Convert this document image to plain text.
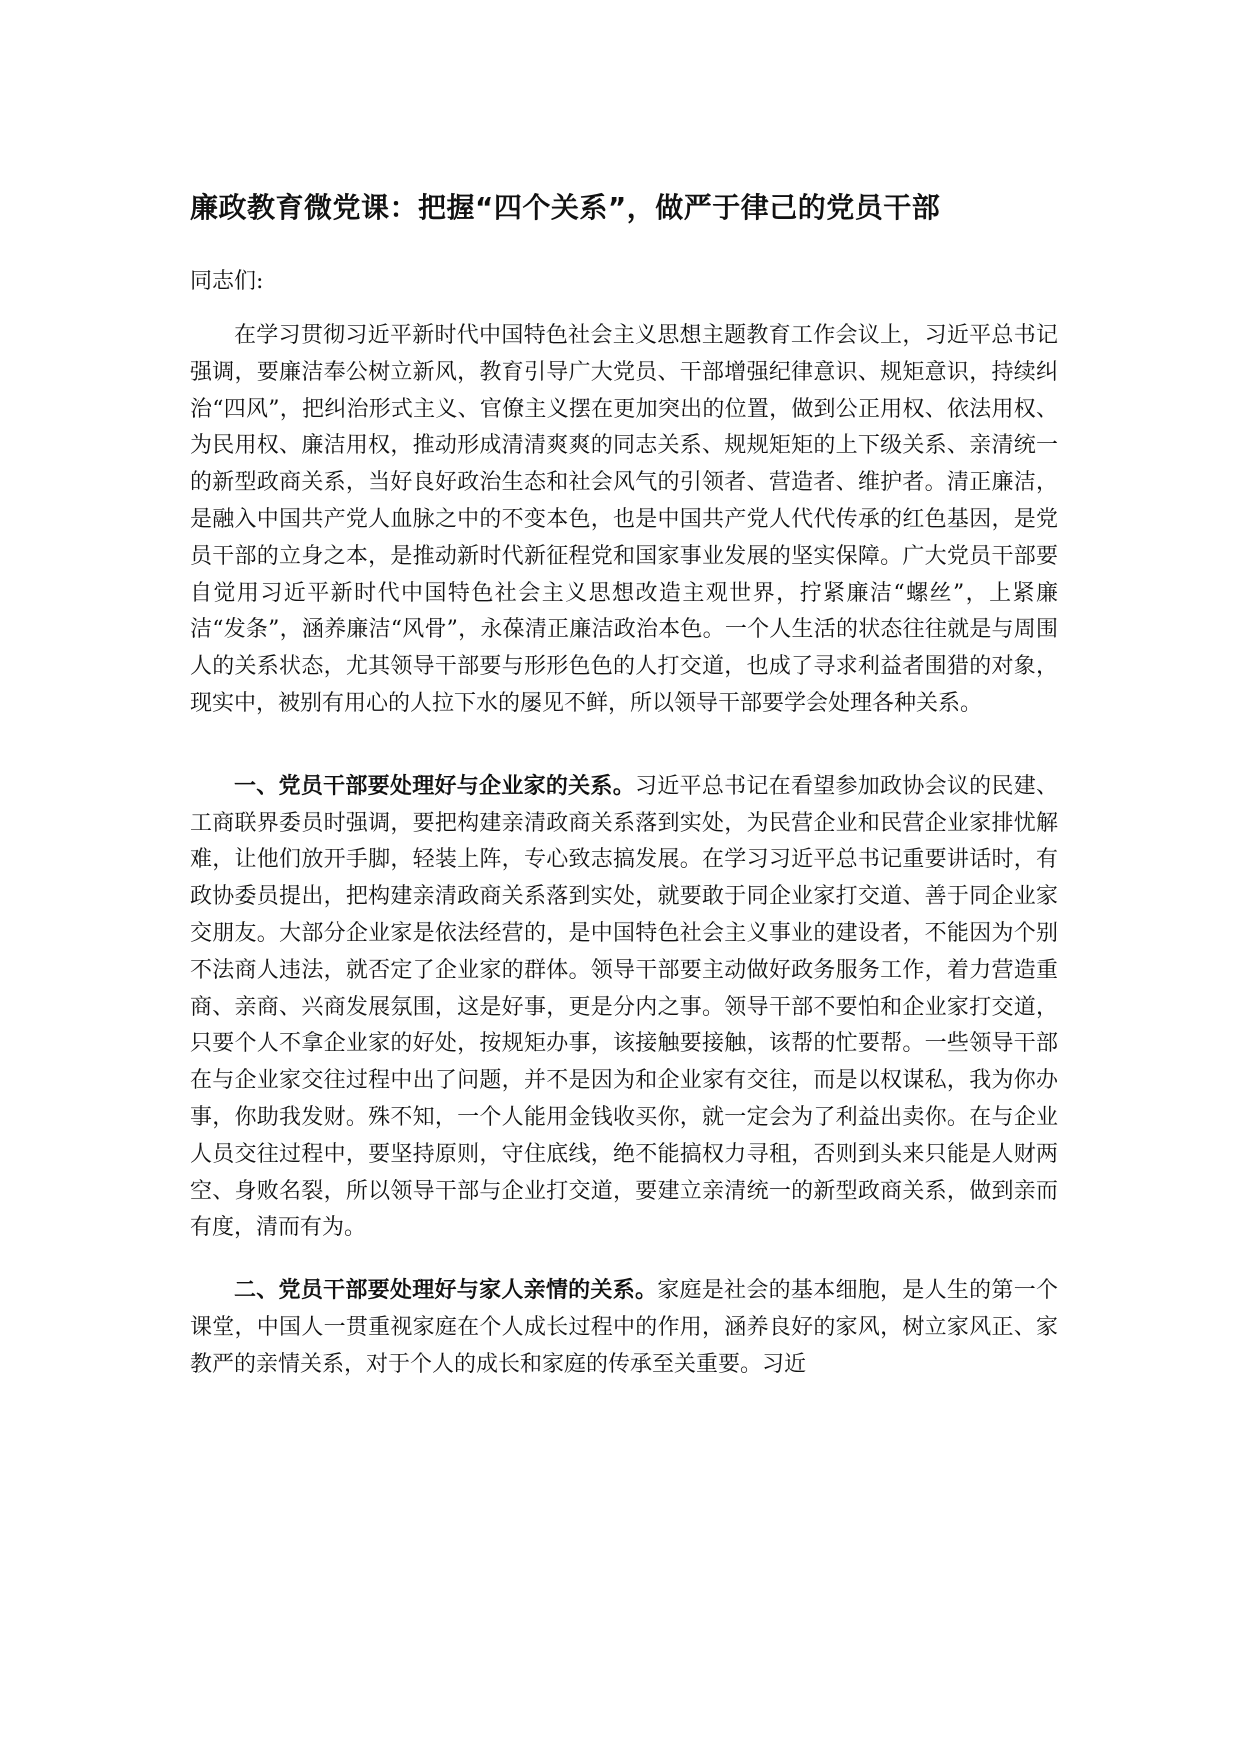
廉政教育微党课：把握“四个关系”，做严于律己的党员干部

同志们:

在学习贯彻习近平新时代中国特色社会主义思想主题教育工作会议上，习近平总书记强调，要廉洁奉公树立新风，教育引导广大党员、干部增强纪律意识、规矩意识，持续纠治“四风”，把纠治形式主义、官僚主义摆在更加突出的位置，做到公正用权、依法用权、为民用权、廉洁用权，推动形成清清爽爽的同志关系、规规矩矩的上下级关系、亲清统一的新型政商关系，当好良好政治生态和社会风气的引领者、营造者、维护者。清正廉洁，是融入中国共产党人血脉之中的不变本色，也是中国共产党人代代传承的红色基因，是党员干部的立身之本，是推动新时代新征程党和国家事业发展的坚实保障。广大党员干部要自觉用习近平新时代中国特色社会主义思想改造主观世界，拧紧廉洁“螺丝”，上紧廉洁“发条”，涵养廉洁“风骨”，永葆清正廉洁政治本色。一个人生活的状态往往就是与周围人的关系状态，尤其领导干部要与形形色色的人打交道，也成了寻求利益者围猎的对象，现实中，被别有用心的人拉下水的屡见不鲜，所以领导干部要学会处理各种关系。

一、党员干部要处理好与企业家的关系。习近平总书记在看望参加政协会议的民建、工商联界委员时强调，要把构建亲清政商关系落到实处，为民营企业和民营企业家排忧解难，让他们放开手脚，轻装上阵，专心致志搞发展。在学习习近平总书记重要讲话时，有政协委员提出，把构建亲清政商关系落到实处，就要敢于同企业家打交道、善于同企业家交朋友。大部分企业家是依法经营的，是中国特色社会主义事业的建设者，不能因为个别不法商人违法，就否定了企业家的群体。领导干部要主动做好政务服务工作，着力营造重商、亲商、兴商发展氛围，这是好事，更是分内之事。领导干部不要怕和企业家打交道，只要个人不拿企业家的好处，按规矩办事，该接触要接触，该帮的忙要帮。一些领导干部在与企业家交往过程中出了问题，并不是因为和企业家有交往，而是以权谋私，我为你办事，你助我发财。殊不知，一个人能用金钱收买你，就一定会为了利益出卖你。在与企业人员交往过程中，要坚持原则，守住底线，绝不能搞权力寻租，否则到头来只能是人财两空、身败名裂，所以领导干部与企业打交道，要建立亲清统一的新型政商关系，做到亲而有度，清而有为。

二、党员干部要处理好与家人亲情的关系。家庭是社会的基本细胞，是人生的第一个课堂，中国人一贯重视家庭在个人成长过程中的作用，涵养良好的家风，树立家风正、家教严的亲情关系，对于个人的成长和家庭的传承至关重要。习近
